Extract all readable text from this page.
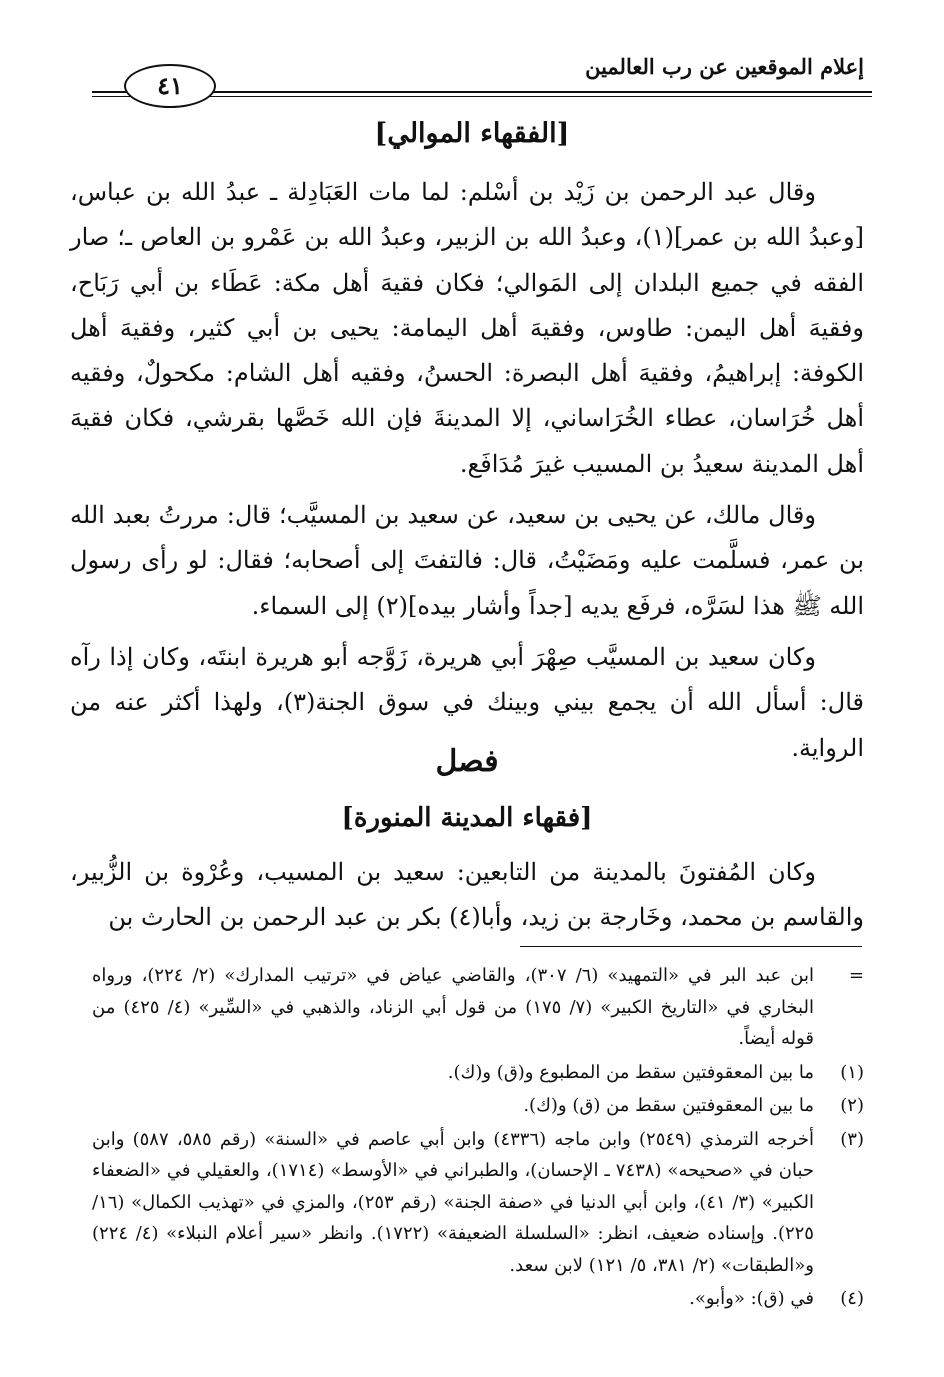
إعلام الموقعين عن رب العالمين
٤١
[الفقهاء الموالي]

وقال عبد الرحمن بن زَيْد بن أسْلم: لما مات العَبَادِلة ـ عبدُ الله بن عباس، [وعبدُ الله بن عمر](١)، وعبدُ الله بن الزبير، وعبدُ الله بن عَمْرو بن العاص ـ؛ صار الفقه في جميع البلدان إلى المَوالي؛ فكان فقيهَ أهل مكة: عَطَاء بن أبي رَبَاح، وفقيهَ أهل اليمن: طاوس، وفقيهَ أهل اليمامة: يحيى بن أبي كثير، وفقيهَ أهل الكوفة: إبراهيمُ، وفقيهَ أهل البصرة: الحسنُ، وفقيه أهل الشام: مكحولٌ، وفقيه أهل خُرَاسان، عطاء الخُرَاساني، إلا المدينةَ فإن الله خَصَّها بقرشي، فكان فقيهَ أهل المدينة سعيدُ بن المسيب غيرَ مُدَافَع.

وقال مالك، عن يحيى بن سعيد، عن سعيد بن المسيَّب؛ قال: مررتُ بعبد الله بن عمر، فسلَّمت عليه ومَضَيْتُ، قال: فالتفتَ إلى أصحابه؛ فقال: لو رأى رسول الله ﷺ هذا لسَرَّه، فرفَع يديه [جداً وأشار بيده](٢) إلى السماء.

وكان سعيد بن المسيَّب صِهْرَ أبي هريرة، زَوَّجه أبو هريرة ابنتَه، وكان إذا رآه قال: أسأل الله أن يجمع بيني وبينك في سوق الجنة(٣)، ولهذا أكثر عنه من الرواية.

فصل
[فقهاء المدينة المنورة]

وكان المُفتونَ بالمدينة من التابعين: سعيد بن المسيب، وعُرْوة بن الزُّبير، والقاسم بن محمد، وخَارجة بن زيد، وأبا(٤) بكر بن عبد الرحمن بن الحارث بن

=
ابن عبد البر في «التمهيد» (٦/ ٣٠٧)، والقاضي عياض في «ترتيب المدارك» (٢/ ٢٢٤)، ورواه البخاري في «التاريخ الكبير» (٧/ ١٧٥) من قول أبي الزناد، والذهبي في «السِّير» (٤/ ٤٢٥) من قوله أيضاً.
(١)
ما بين المعقوفتين سقط من المطبوع و(ق) و(ك).
(٢)
ما بين المعقوفتين سقط من (ق) و(ك).
(٣)
أخرجه الترمذي (٢٥٤٩) وابن ماجه (٤٣٣٦) وابن أبي عاصم في «السنة» (رقم ٥٨٥، ٥٨٧) وابن حبان في «صحيحه» (٧٤٣٨ ـ الإحسان)، والطبراني في «الأوسط» (١٧١٤)، والعقيلي في «الضعفاء الكبير» (٣/ ٤١)، وابن أبي الدنيا في «صفة الجنة» (رقم ٢٥٣)، والمزي في «تهذيب الكمال» (١٦/ ٢٢٥). وإسناده ضعيف، انظر: «السلسلة الضعيفة» (١٧٢٢). وانظر «سير أعلام النبلاء» (٤/ ٢٢٤) و«الطبقات» (٢/ ٣٨١، ٥/ ١٢١) لابن سعد.
(٤)
في (ق): «وأبو».
